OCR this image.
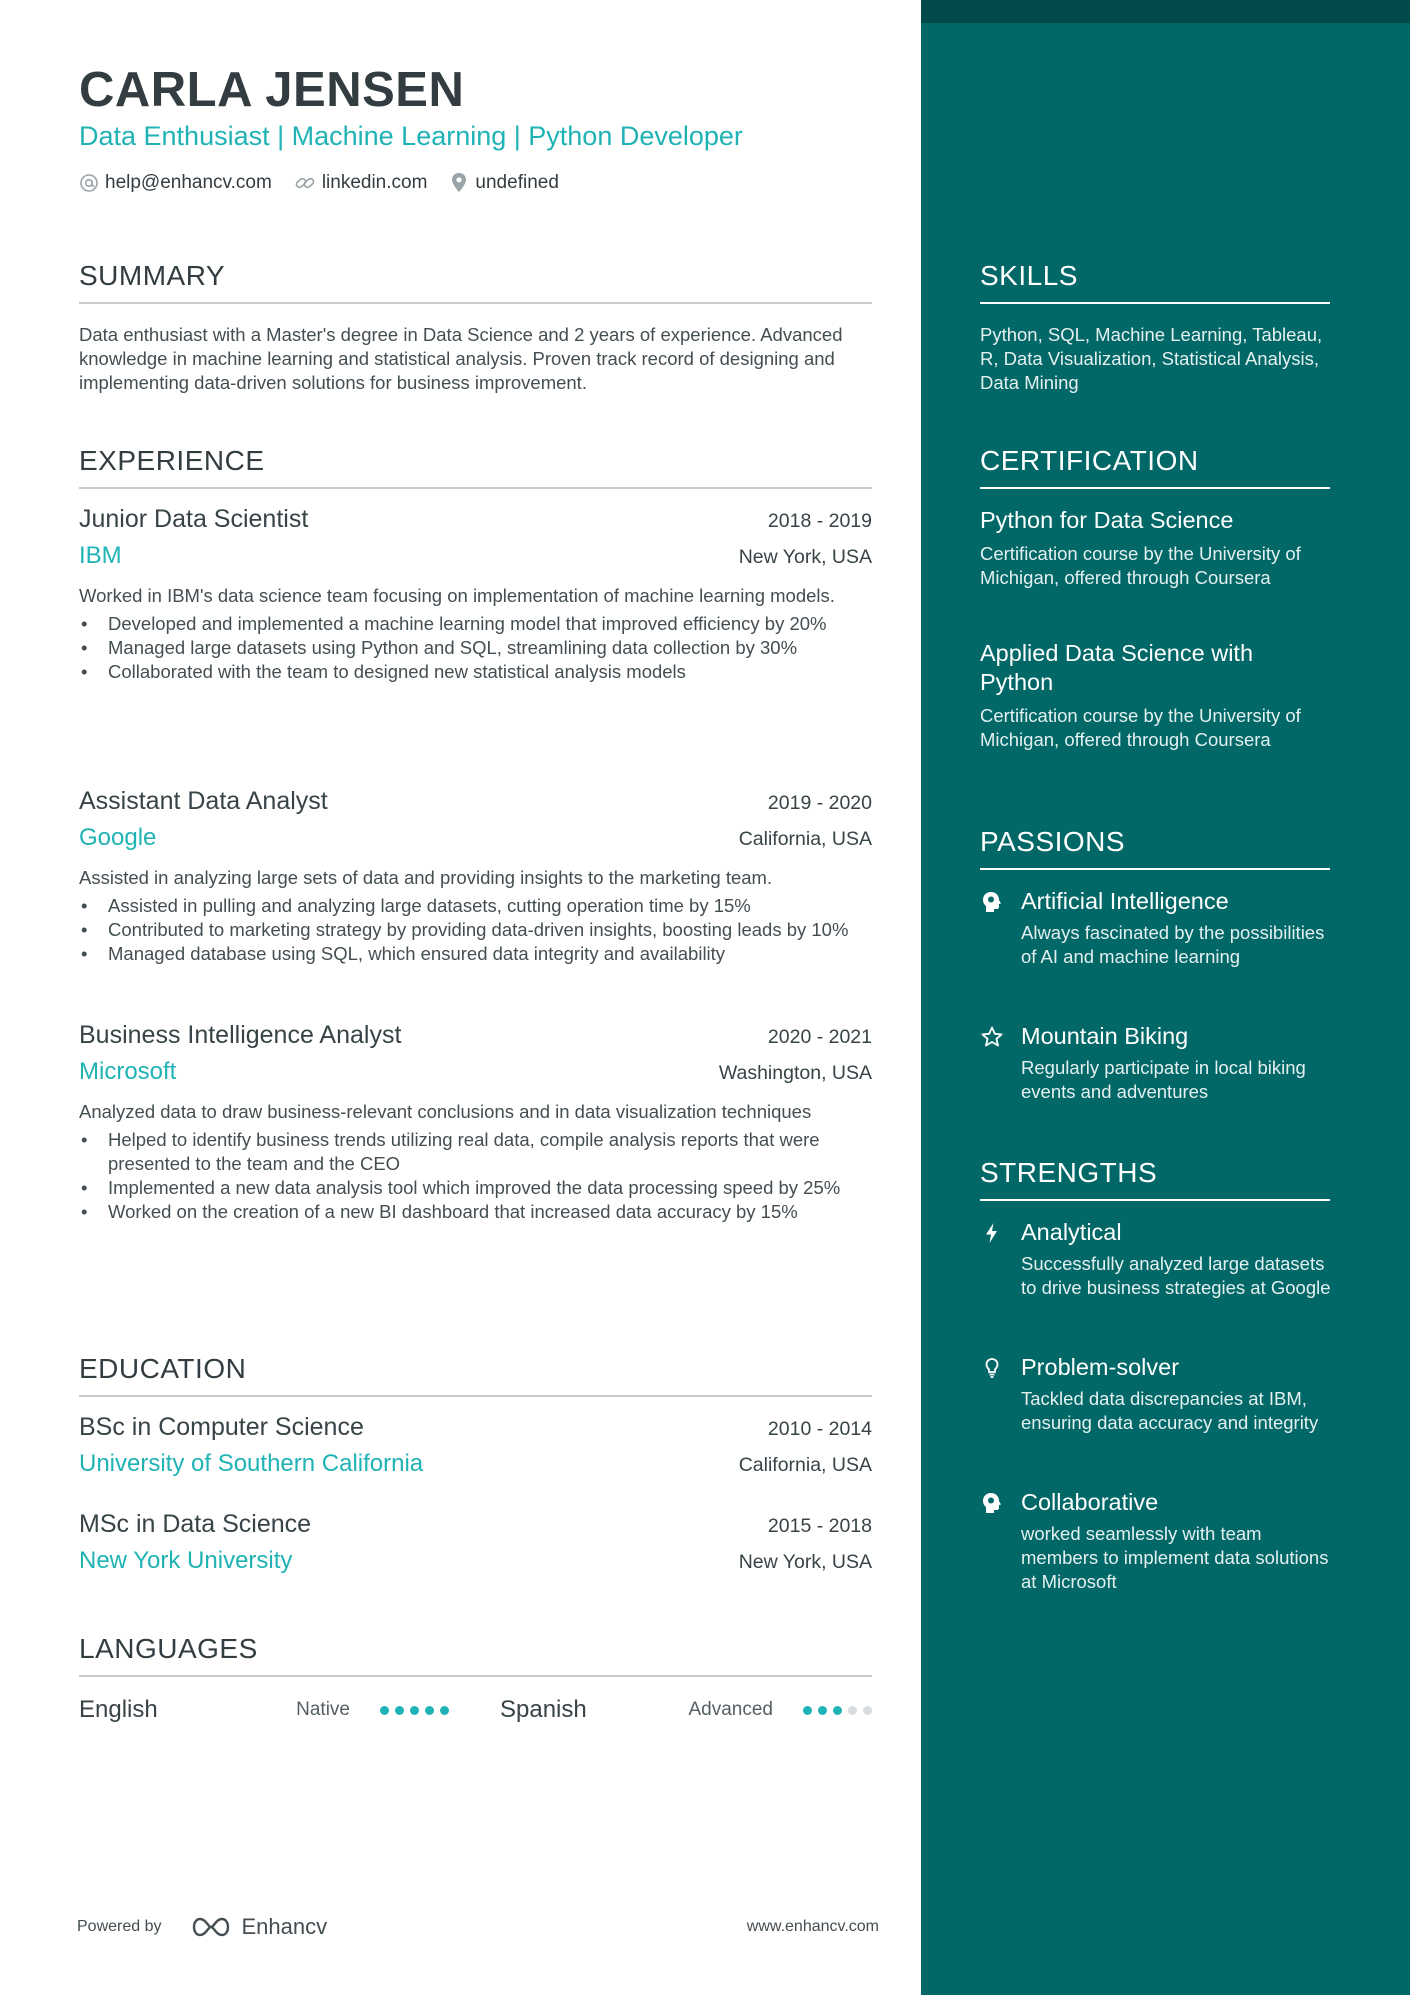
CARLA JENSEN
Data Enthusiast | Machine Learning | Python Developer
help@enhancv.com	linkedin.com	undefined
SUMMARY
Data enthusiast with a Master's degree in Data Science and 2 years of experience. Advanced knowledge in machine learning and statistical analysis. Proven track record of designing and implementing data-driven solutions for business improvement.
EXPERIENCE
Junior Data Scientist	2018 - 2019
IBM	New York, USA
Worked in IBM's data science team focusing on implementation of machine learning models.
• Developed and implemented a machine learning model that improved efficiency by 20%
• Managed large datasets using Python and SQL, streamlining data collection by 30%
• Collaborated with the team to designed new statistical analysis models
Assistant Data Analyst	2019 - 2020
Google	California, USA
Assisted in analyzing large sets of data and providing insights to the marketing team.
• Assisted in pulling and analyzing large datasets, cutting operation time by 15%
• Contributed to marketing strategy by providing data-driven insights, boosting leads by 10%
• Managed database using SQL, which ensured data integrity and availability
Business Intelligence Analyst	2020 - 2021
Microsoft	Washington, USA
Analyzed data to draw business-relevant conclusions and in data visualization techniques
• Helped to identify business trends utilizing real data, compile analysis reports that were presented to the team and the CEO
• Implemented a new data analysis tool which improved the data processing speed by 25%
• Worked on the creation of a new BI dashboard that increased data accuracy by 15%
EDUCATION
BSc in Computer Science	2010 - 2014
University of Southern California	California, USA
MSc in Data Science	2015 - 2018
New York University	New York, USA
LANGUAGES
English	Native	Spanish	Advanced
Powered by	Enhancv	www.enhancv.com
SKILLS
Python, SQL, Machine Learning, Tableau, R, Data Visualization, Statistical Analysis, Data Mining
CERTIFICATION
Python for Data Science
Certification course by the University of Michigan, offered through Coursera
Applied Data Science with Python
Certification course by the University of Michigan, offered through Coursera
PASSIONS
Artificial Intelligence
Always fascinated by the possibilities of AI and machine learning
Mountain Biking
Regularly participate in local biking events and adventures
STRENGTHS
Analytical
Successfully analyzed large datasets to drive business strategies at Google
Problem-solver
Tackled data discrepancies at IBM, ensuring data accuracy and integrity
Collaborative
worked seamlessly with team members to implement data solutions at Microsoft
